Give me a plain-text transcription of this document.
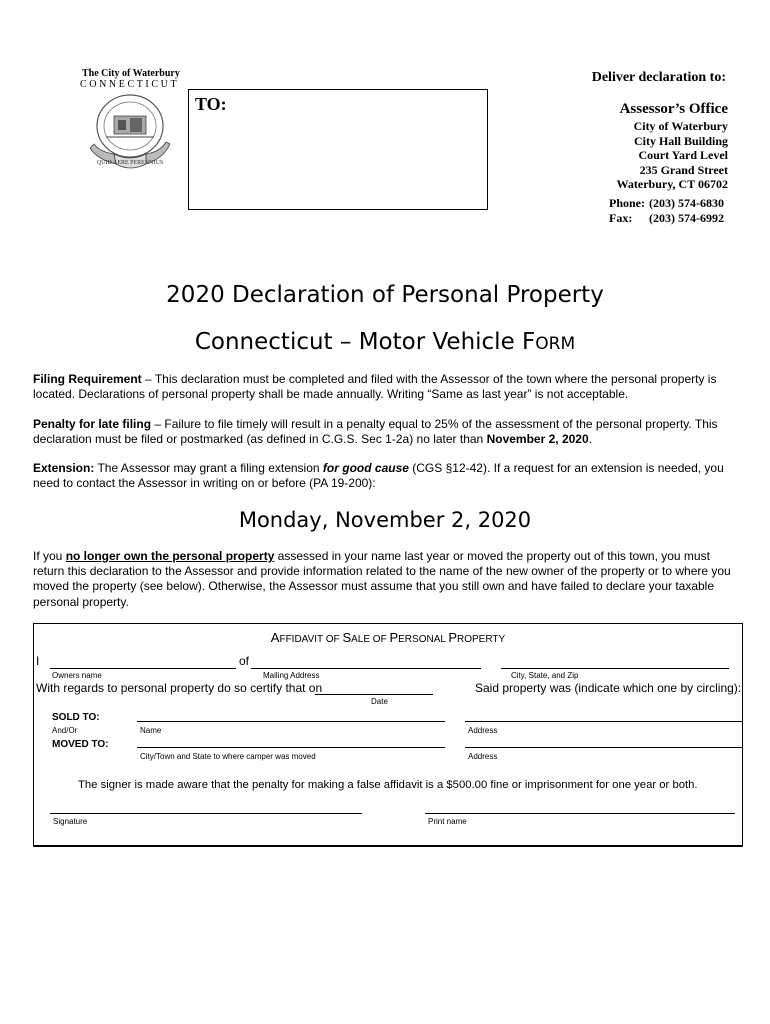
The City of Waterbury
CONNECTICUT
QUID AERE PERENNIUS
TO:
Deliver declaration to:
Assessor’s Office
City of Waterbury
City Hall Building
Court Yard Level
235 Grand Street
Waterbury, CT 06702
Phone: (203) 574-6830
Fax:	(203) 574-6992
2020 Declaration of Personal Property
Connecticut – Motor Vehicle FORM
Filing Requirement – This declaration must be completed and filed with the Assessor of the town where the personal property is located. Declarations of personal property shall be made annually. Writing “Same as last year” is not acceptable.
Penalty for late filing – Failure to file timely will result in a penalty equal to 25% of the assessment of the personal property. This declaration must be filed or postmarked (as defined in C.G.S. Sec 1-2a) no later than November 2, 2020.
Extension: The Assessor may grant a filing extension for good cause (CGS §12-42). If a request for an extension is needed, you need to contact the Assessor in writing on or before (PA 19-200):
Monday, November 2, 2020
If you no longer own the personal property assessed in your name last year or moved the property out of this town, you must return this declaration to the Assessor and provide information related to the name of the new owner of the property or to where you moved the property (see below). Otherwise, the Assessor must assume that you still own and have failed to declare your taxable personal property.
AFFIDAVIT OF SALE OF PERSONAL PROPERTY
I	of
Owners name	Mailing Address	City, State, and Zip
With regards to personal property do so certify that on
Date
Said property was (indicate which one by circling):
SOLD TO:
And/Or	Name	Address
MOVED TO:
City/Town and State to where camper was moved	Address
The signer is made aware that the penalty for making a false affidavit is a $500.00 fine or imprisonment for one year or both.
Signature	Print name
